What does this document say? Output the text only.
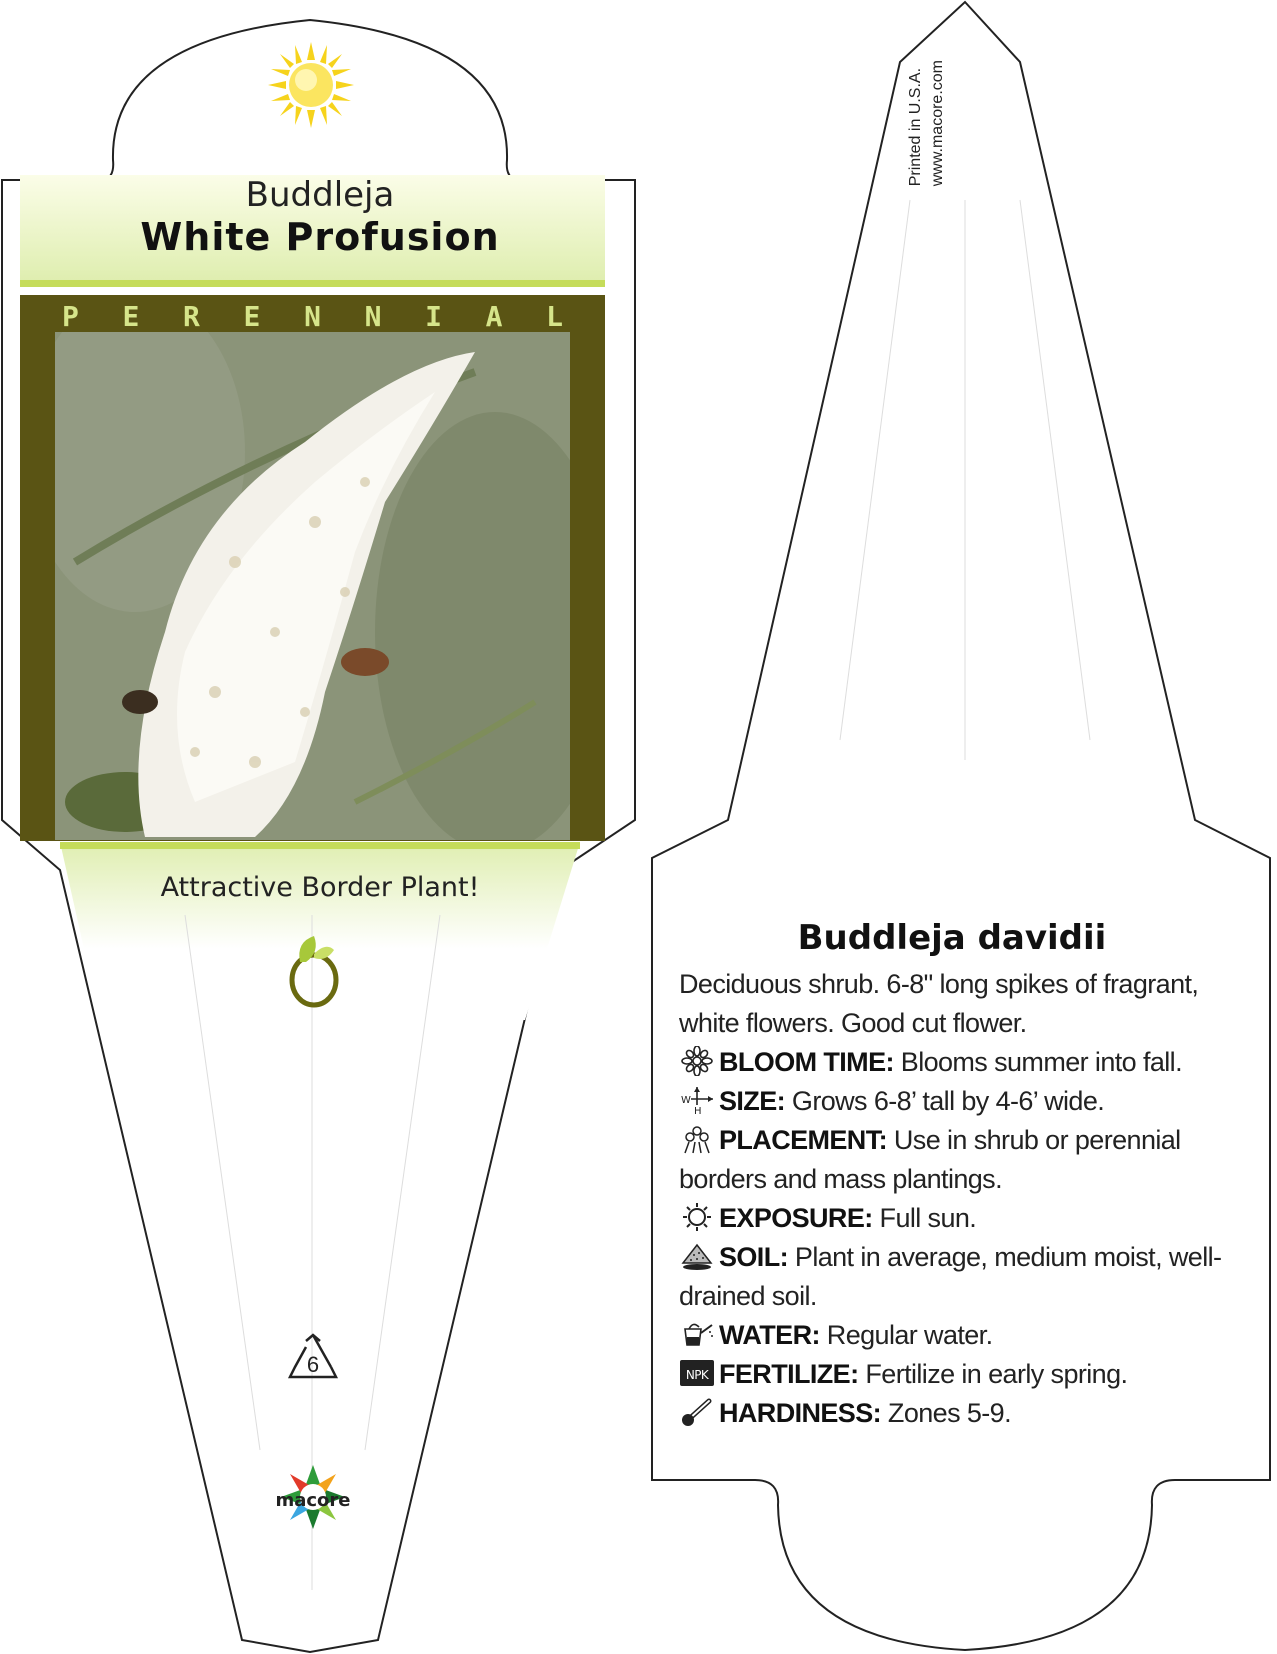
Buddleja
White Profusion
P E R E N N I A L
Attractive Border Plant!
6
macore
Printed in U.S.A. www.macore.com
Buddleja davidii

Deciduous shrub. 6-8" long spikes of fragrant, white flowers. Good cut flower.

BLOOM TIME: Blooms summer into fall.

W
H SIZE: Grows 6-8’ tall by 4-6’ wide.

PLACEMENT: Use in shrub or perennial borders and mass plantings.

EXPOSURE: Full sun.

SOIL: Plant in average, medium moist, well-drained soil.

WATER: Regular water.

NPK FERTILIZE: Fertilize in early spring.

HARDINESS: Zones 5-9.
